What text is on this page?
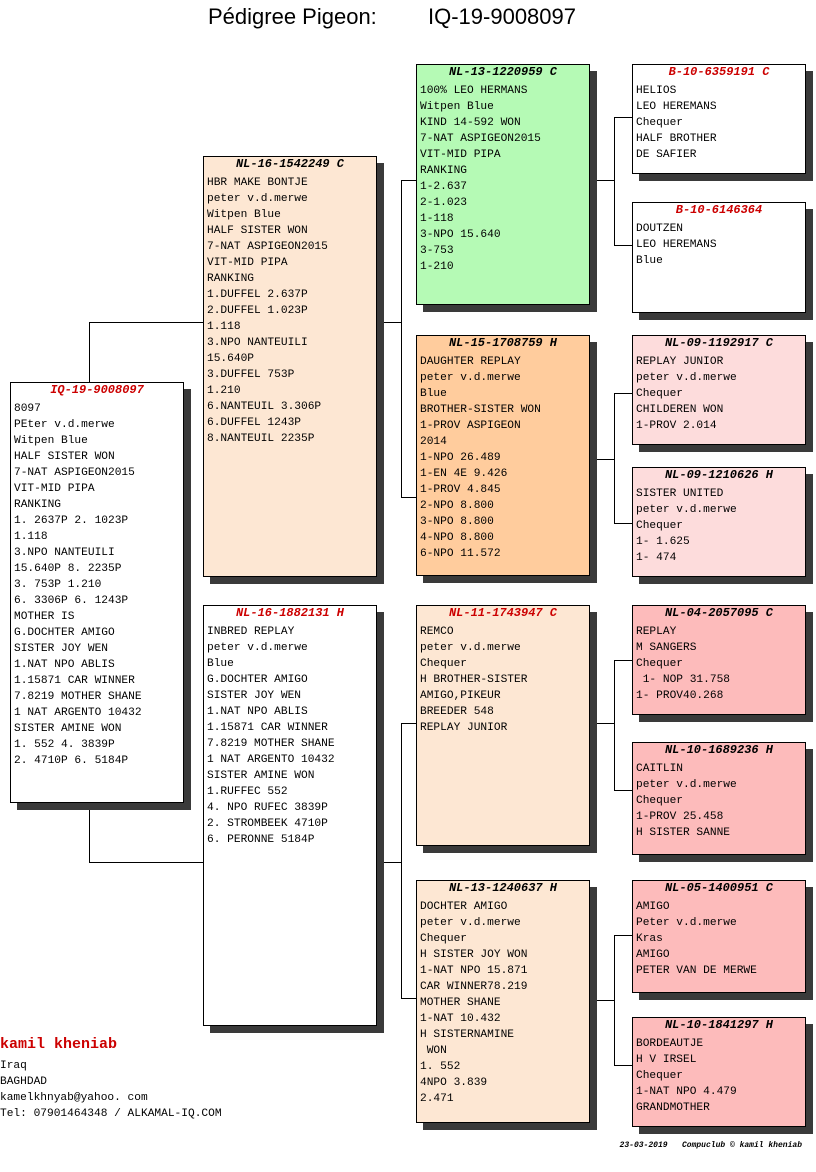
Pédigree Pigeon: IQ-19-9008097
IQ-19-9008097
8097
PEter v.d.merwe
Witpen Blue
HALF SISTER WON
7-NAT ASPIGEON2015
VIT-MID PIPA
RANKING
1. 2637P 2. 1023P
1.118
3.NPO NANTEUILI
15.640P 8. 2235P
3. 753P 1.210
6. 3306P 6. 1243P
MOTHER IS
G.DOCHTER AMIGO
SISTER JOY WEN
1.NAT NPO ABLIS
1.15871 CAR WINNER
7.8219 MOTHER SHANE
1 NAT ARGENTO 10432
SISTER AMINE WON
1. 552 4. 3839P
2. 4710P 6. 5184P
NL-16-1542249 C
HBR MAKE BONTJE
peter v.d.merwe
Witpen Blue
HALF SISTER WON
7-NAT ASPIGEON2015
VIT-MID PIPA
RANKING
1.DUFFEL 2.637P
2.DUFFEL 1.023P
1.118
3.NPO NANTEUILI
15.640P
3.DUFFEL 753P
1.210
6.NANTEUIL 3.306P
6.DUFFEL 1243P
8.NANTEUIL 2235P
NL-16-1882131 H
INBRED REPLAY
peter v.d.merwe
Blue
G.DOCHTER AMIGO
SISTER JOY WEN
1.NAT NPO ABLIS
1.15871 CAR WINNER
7.8219 MOTHER SHANE
1 NAT ARGENTO 10432
SISTER AMINE WON
1.RUFFEC 552
4. NPO RUFEC 3839P
2. STROMBEEK 4710P
6. PERONNE 5184P
NL-13-1220959 C
100% LEO HERMANS
Witpen Blue
KIND 14-592 WON
7-NAT ASPIGEON2015
VIT-MID PIPA
RANKING
1-2.637
2-1.023
1-118
3-NPO 15.640
3-753
1-210
NL-15-1708759 H
DAUGHTER REPLAY
peter v.d.merwe
Blue
BROTHER-SISTER WON
1-PROV ASPIGEON
2014
1-NPO 26.489
1-EN 4E 9.426
1-PROV 4.845
2-NPO 8.800
3-NPO 8.800
4-NPO 8.800
6-NPO 11.572
NL-11-1743947 C
REMCO
peter v.d.merwe
Chequer
H BROTHER-SISTER
AMIGO,PIKEUR
BREEDER 548
REPLAY JUNIOR
NL-13-1240637 H
DOCHTER AMIGO
peter v.d.merwe
Chequer
H SISTER JOY WON
1-NAT NPO 15.871
CAR WINNER78.219
MOTHER SHANE
1-NAT 10.432
H SISTERNAMINE
WON
1. 552
4NPO 3.839
2.471
B-10-6359191 C
HELIOS
LEO HEREMANS
Chequer
HALF BROTHER
DE SAFIER
B-10-6146364
DOUTZEN
LEO HEREMANS
Blue
NL-09-1192917 C
REPLAY JUNIOR
peter v.d.merwe
Chequer
CHILDEREN WON
1-PROV 2.014
NL-09-1210626 H
SISTER UNITED
peter v.d.merwe
Chequer
1- 1.625
1- 474
NL-04-2057095 C
REPLAY
M SANGERS
Chequer
1- NOP 31.758
1- PROV40.268
NL-10-1689236 H
CAITLIN
peter v.d.merwe
Chequer
1-PROV 25.458
H SISTER SANNE
NL-05-1400951 C
AMIGO
Peter v.d.merwe
Kras
AMIGO
PETER VAN DE MERWE
NL-10-1841297 H
BORDEAUTJE
H V IRSEL
Chequer
1-NAT NPO 4.479
GRANDMOTHER
kamil kheniab
Iraq
BAGHDAD
kamelkhnyab@yahoo. com
Tel: 07901464348 / ALKAMAL-IQ.COM
23-03-2019 Compuclub © kamil kheniab
